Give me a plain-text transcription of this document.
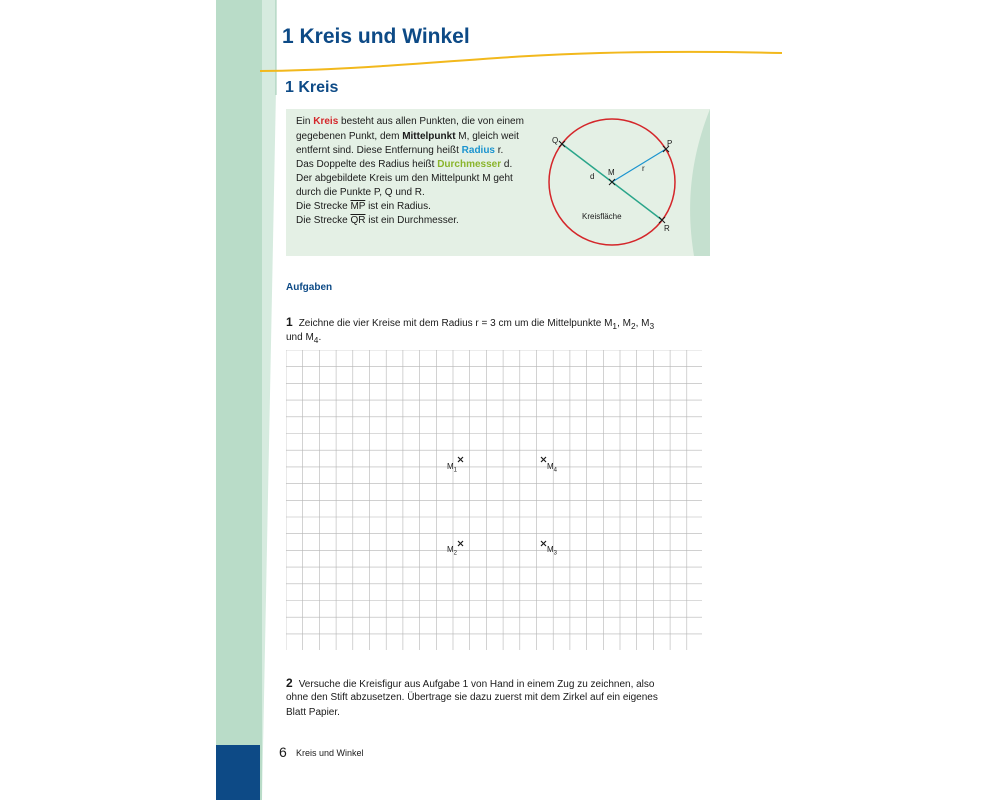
1 Kreis und Winkel
1 Kreis
Ein Kreis besteht aus allen Punkten, die von einem
gegebenen Punkt, dem Mittelpunkt M, gleich weit
entfernt sind. Diese Entfernung heißt Radius r.
Das Doppelte des Radius heißt Durchmesser d.
Der abgebildete Kreis um den Mittelpunkt M geht
durch die Punkte P, Q und R.
Die Strecke $\overline{MP}$ ist ein Radius.
Die Strecke $\overline{QR}$ ist ein Durchmesser.
Q	P
M
R
r
d
Kreisfläche
Aufgaben
1 Zeichne die vier Kreise mit dem Radius r = 3 cm um die Mittelpunkte $M_1$, $M_2$, $M_3$
und $M_4$.
$M_1$	$M_4$
$M_2$	$M_3$
2 Versuche die Kreisfigur aus Aufgabe 1 von Hand in einem Zug zu zeichnen, also
ohne den Stift abzusetzen. Übertrage sie dazu zuerst mit dem Zirkel auf ein eigenes
Blatt Papier.
6 Kreis und Winkel
